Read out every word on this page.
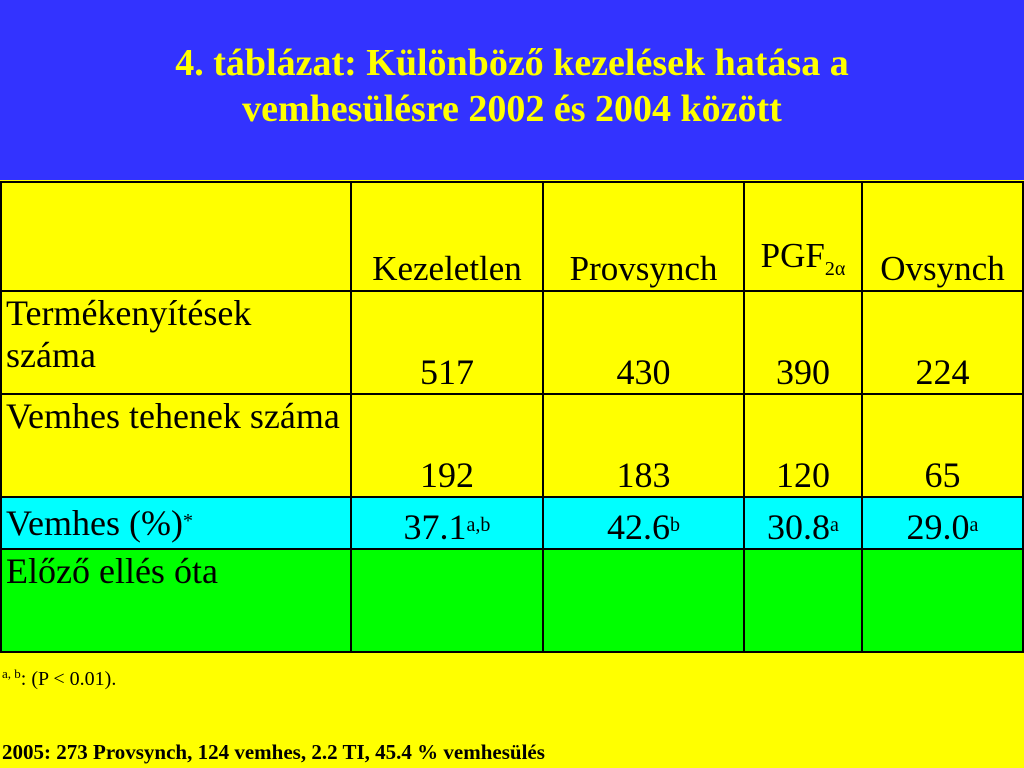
4. táblázat: Különböző kezelések hatása a
vemhesülésre 2002 és 2004 között
	Kezeletlen	Provsynch	$PGF_{2\alpha}$	Ovsynch
Termékenyítések száma	517	430	390	224
Vemhes tehenek száma	192	183	120	65
Vemhes (%)*	37.1$^{a,b}$	42.6$^b$	30.8$^a$	29.0$^a$
Előző ellés óta				
$^{a, b}$: (P < 0.01).
2005: 273 Provsynch, 124 vemhes, 2.2 TI, 45.4 % vemhesülés
